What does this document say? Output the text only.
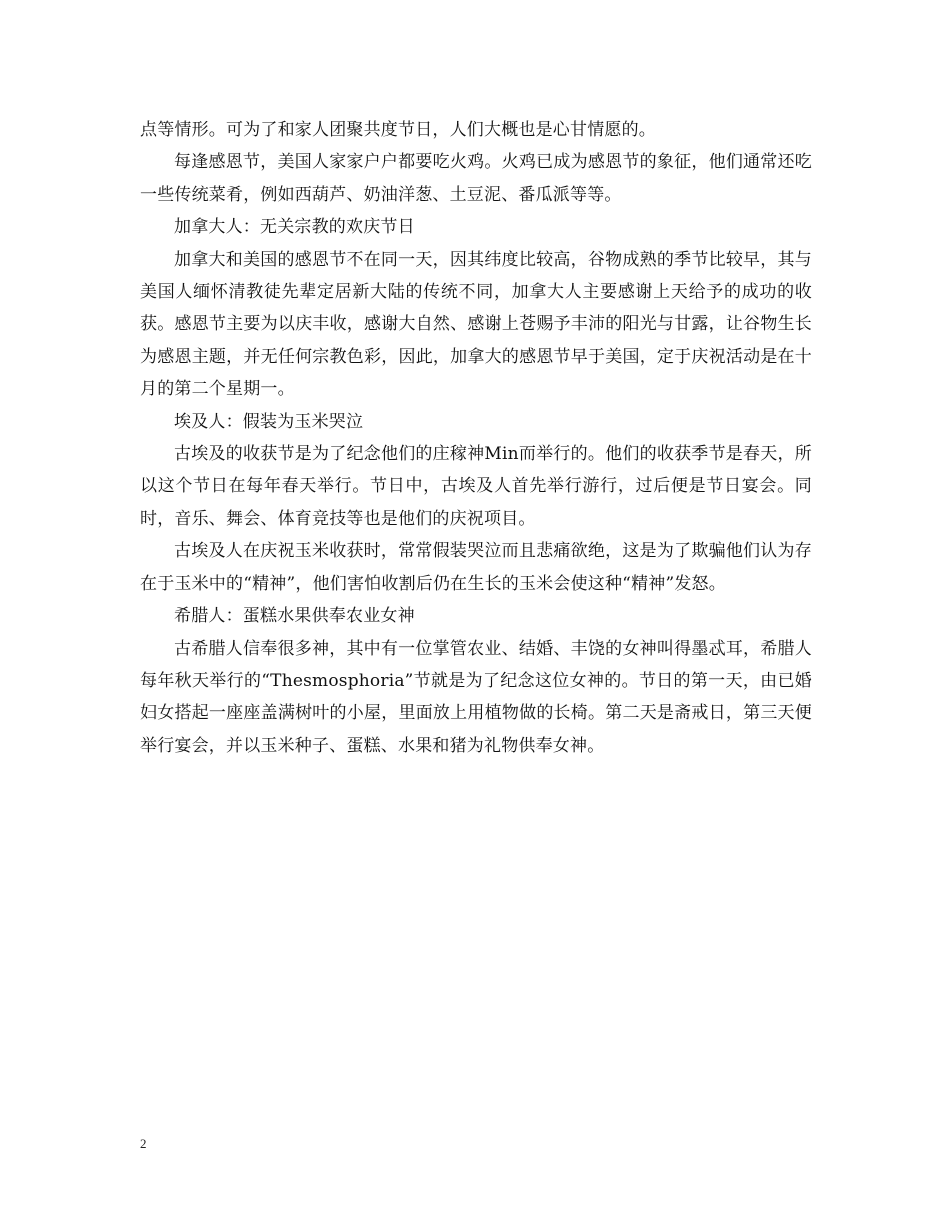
点等情形。可为了和家人团聚共度节日，人们大概也是心甘情愿的。

每逢感恩节，美国人家家户户都要吃火鸡。火鸡已成为感恩节的象征，他们通常还吃一些传统菜肴，例如西葫芦、奶油洋葱、土豆泥、番瓜派等等。

加拿大人：无关宗教的欢庆节日

加拿大和美国的感恩节不在同一天，因其纬度比较高，谷物成熟的季节比较早，其与美国人缅怀清教徒先辈定居新大陆的传统不同，加拿大人主要感谢上天给予的成功的收获。感恩节主要为以庆丰收，感谢大自然、感谢上苍赐予丰沛的阳光与甘露，让谷物生长为感恩主题，并无任何宗教色彩，因此，加拿大的感恩节早于美国，定于庆祝活动是在十月的第二个星期一。

埃及人：假装为玉米哭泣

古埃及的收获节是为了纪念他们的庄稼神Min而举行的。他们的收获季节是春天，所以这个节日在每年春天举行。节日中，古埃及人首先举行游行，过后便是节日宴会。同时，音乐、舞会、体育竞技等也是他们的庆祝项目。

古埃及人在庆祝玉米收获时，常常假装哭泣而且悲痛欲绝，这是为了欺骗他们认为存在于玉米中的“精神”，他们害怕收割后仍在生长的玉米会使这种“精神”发怒。

希腊人：蛋糕水果供奉农业女神

古希腊人信奉很多神，其中有一位掌管农业、结婚、丰饶的女神叫得墨忒耳，希腊人每年秋天举行的“Thesmosphoria”节就是为了纪念这位女神的。节日的第一天，由已婚妇女搭起一座座盖满树叶的小屋，里面放上用植物做的长椅。第二天是斋戒日，第三天便举行宴会，并以玉米种子、蛋糕、水果和猪为礼物供奉女神。

2
